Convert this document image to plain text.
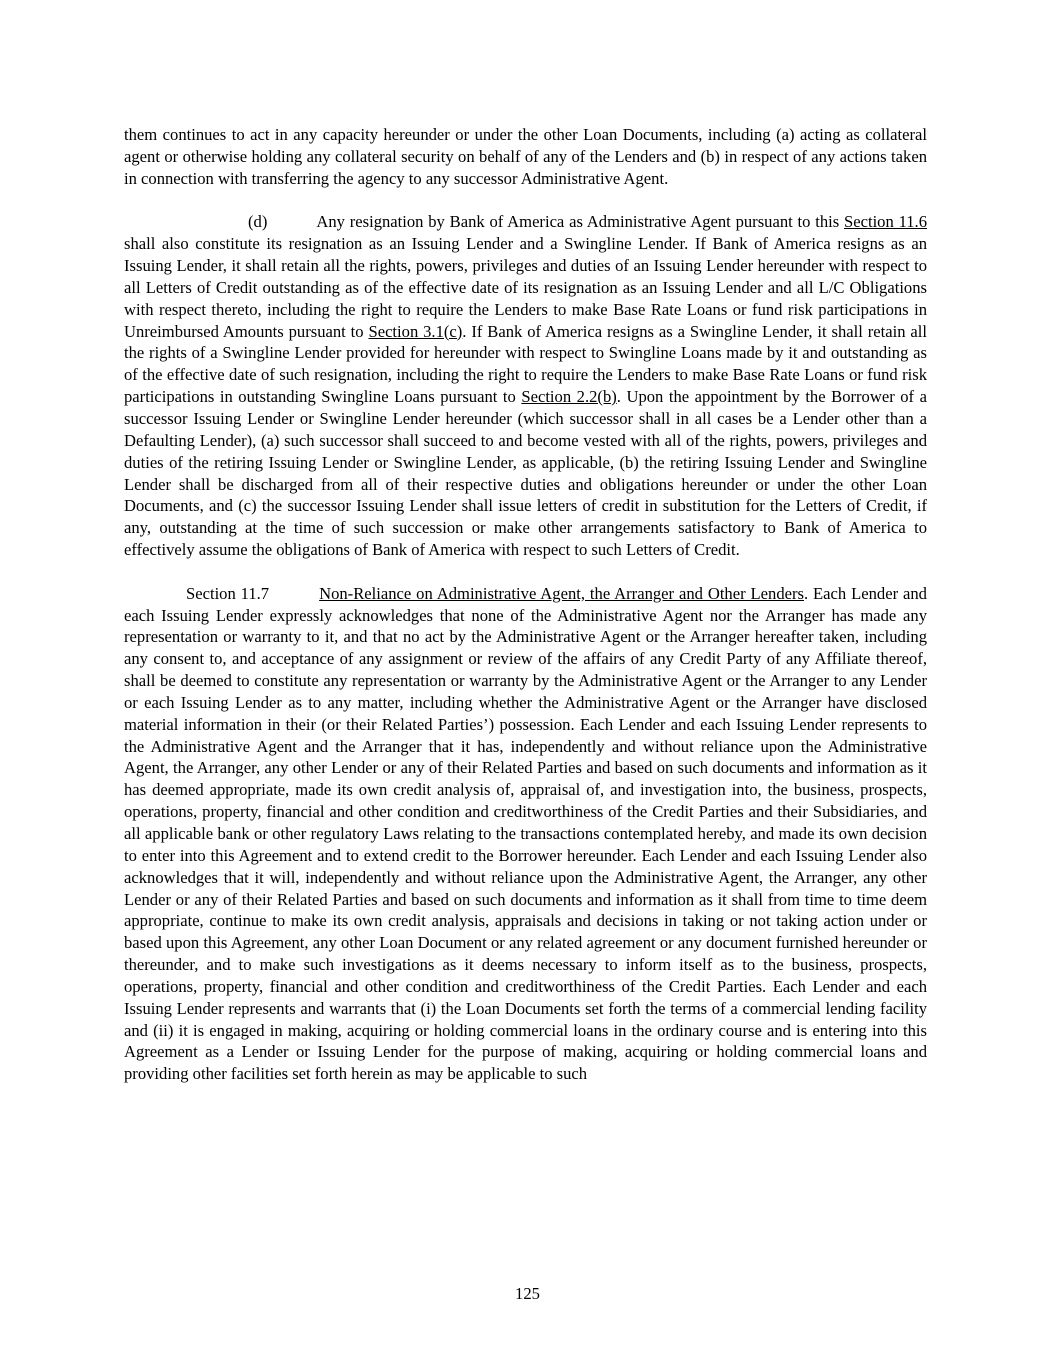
them continues to act in any capacity hereunder or under the other Loan Documents, including (a) acting as collateral agent or otherwise holding any collateral security on behalf of any of the Lenders and (b) in respect of any actions taken in connection with transferring the agency to any successor Administrative Agent.

(d)	Any resignation by Bank of America as Administrative Agent pursuant to this Section 11.6 shall also constitute its resignation as an Issuing Lender and a Swingline Lender. If Bank of America resigns as an Issuing Lender, it shall retain all the rights, powers, privileges and duties of an Issuing Lender hereunder with respect to all Letters of Credit outstanding as of the effective date of its resignation as an Issuing Lender and all L/C Obligations with respect thereto, including the right to require the Lenders to make Base Rate Loans or fund risk participations in Unreimbursed Amounts pursuant to Section 3.1(c). If Bank of America resigns as a Swingline Lender, it shall retain all the rights of a Swingline Lender provided for hereunder with respect to Swingline Loans made by it and outstanding as of the effective date of such resignation, including the right to require the Lenders to make Base Rate Loans or fund risk participations in outstanding Swingline Loans pursuant to Section 2.2(b). Upon the appointment by the Borrower of a successor Issuing Lender or Swingline Lender hereunder (which successor shall in all cases be a Lender other than a Defaulting Lender), (a) such successor shall succeed to and become vested with all of the rights, powers, privileges and duties of the retiring Issuing Lender or Swingline Lender, as applicable, (b) the retiring Issuing Lender and Swingline Lender shall be discharged from all of their respective duties and obligations hereunder or under the other Loan Documents, and (c) the successor Issuing Lender shall issue letters of credit in substitution for the Letters of Credit, if any, outstanding at the time of such succession or make other arrangements satisfactory to Bank of America to effectively assume the obligations of Bank of America with respect to such Letters of Credit.

Section 11.7	Non-Reliance on Administrative Agent, the Arranger and Other Lenders. Each Lender and each Issuing Lender expressly acknowledges that none of the Administrative Agent nor the Arranger has made any representation or warranty to it, and that no act by the Administrative Agent or the Arranger hereafter taken, including any consent to, and acceptance of any assignment or review of the affairs of any Credit Party of any Affiliate thereof, shall be deemed to constitute any representation or warranty by the Administrative Agent or the Arranger to any Lender or each Issuing Lender as to any matter, including whether the Administrative Agent or the Arranger have disclosed material information in their (or their Related Parties’) possession. Each Lender and each Issuing Lender represents to the Administrative Agent and the Arranger that it has, independently and without reliance upon the Administrative Agent, the Arranger, any other Lender or any of their Related Parties and based on such documents and information as it has deemed appropriate, made its own credit analysis of, appraisal of, and investigation into, the business, prospects, operations, property, financial and other condition and creditworthiness of the Credit Parties and their Subsidiaries, and all applicable bank or other regulatory Laws relating to the transactions contemplated hereby, and made its own decision to enter into this Agreement and to extend credit to the Borrower hereunder. Each Lender and each Issuing Lender also acknowledges that it will, independently and without reliance upon the Administrative Agent, the Arranger, any other Lender or any of their Related Parties and based on such documents and information as it shall from time to time deem appropriate, continue to make its own credit analysis, appraisals and decisions in taking or not taking action under or based upon this Agreement, any other Loan Document or any related agreement or any document furnished hereunder or thereunder, and to make such investigations as it deems necessary to inform itself as to the business, prospects, operations, property, financial and other condition and creditworthiness of the Credit Parties. Each Lender and each Issuing Lender represents and warrants that (i) the Loan Documents set forth the terms of a commercial lending facility and (ii) it is engaged in making, acquiring or holding commercial loans in the ordinary course and is entering into this Agreement as a Lender or Issuing Lender for the purpose of making, acquiring or holding commercial loans and providing other facilities set forth herein as may be applicable to such

125
